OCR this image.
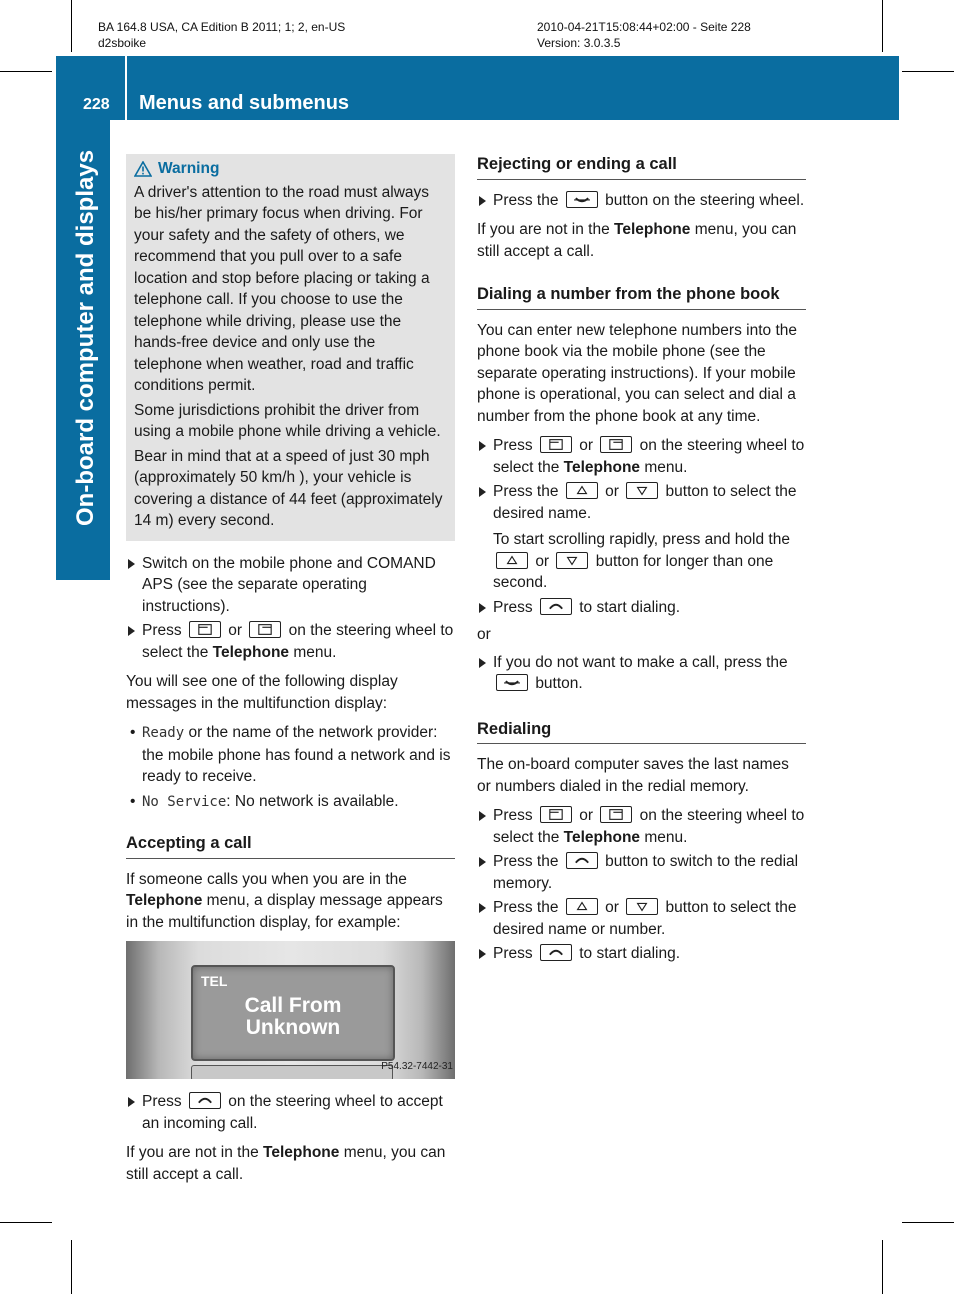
BA 164.8 USA, CA Edition B 2011; 1; 2, en-US
d2sboike
2010-04-21T15:08:44+02:00 - Seite 228
Version: 3.0.3.5
228 Menus and submenus
On-board computer and displays	Warning

A driver's attention to the road must always be his/her primary focus when driving. For your safety and the safety of others, we recommend that you pull over to a safe location and stop before placing or taking a telephone call. If you choose to use the telephone while driving, please use the hands-free device and only use the telephone when weather, road and traffic conditions permit.

Some jurisdictions prohibit the driver from using a mobile phone while driving a vehicle.

Bear in mind that at a speed of just 30 mph (approximately 50 km/h ), your vehicle is covering a distance of 44 feet (approximately 14 m) every second.

Switch on the mobile phone and COMAND APS (see the separate operating instructions).
Press	or	on the steering wheel to select the Telephone menu.

You will see one of the following display messages in the multifunction display:

• Ready or the name of the network provider: the mobile phone has found a network and is ready to receive.
• No Service: No network is available.
Accepting a call

If someone calls you when you are in the Telephone menu, a display message appears in the multifunction display, for example:

TEL
Call From
Unknown
P54.32-7442-31
Press	on the steering wheel to accept an incoming call.

If you are not in the Telephone menu, you can still accept a call.

Rejecting or ending a call
Press the	button on the steering wheel.

If you are not in the Telephone menu, you can still accept a call.

Dialing a number from the phone book

You can enter new telephone numbers into the phone book via the mobile phone (see the separate operating instructions). If your mobile phone is operational, you can select and dial a number from the phone book at any time.

Press	or	on the steering wheel to select the Telephone menu.
Press the	or	button to select the desired name.
To start scrolling rapidly, press and hold the
or	button for longer than one second.
Press	to start dialing.

or

If you do not want to make a call, press the
button.
Redialing

The on-board computer saves the last names or numbers dialed in the redial memory.

Press	or	on the steering wheel to select the Telephone menu.
Press the	button to switch to the redial memory.
Press the	or	button to select the desired name or number.
Press	to start dialing.
